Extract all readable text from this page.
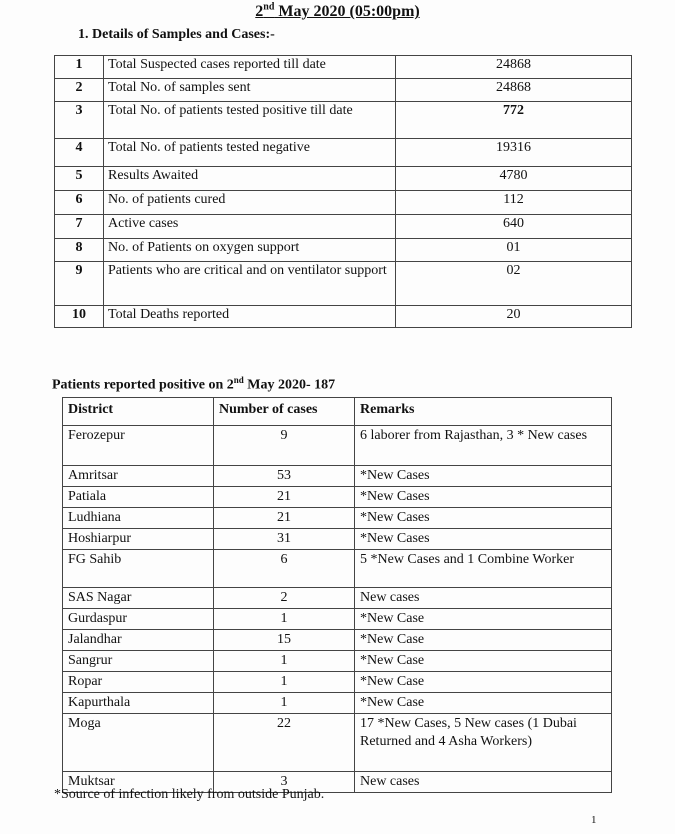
2nd May 2020 (05:00pm)
1. Details of Samples and Cases:-
1	Total Suspected cases reported till date	24868
2	Total No. of samples sent	24868
3	Total No. of patients tested positive till date	772
4	Total No. of patients tested negative	19316
5	Results Awaited	4780
6	No. of patients cured	112
7	Active cases	640
8	No. of Patients on oxygen support	01
9	Patients who are critical and on ventilator support	02
10	Total Deaths reported	20
Patients reported positive on 2nd May 2020- 187
District	Number of cases	Remarks
Ferozepur	9	6 laborer from Rajasthan, 3 * New cases
Amritsar	53	*New Cases
Patiala	21	*New Cases
Ludhiana	21	*New Cases
Hoshiarpur	31	*New Cases
FG Sahib	6	5 *New Cases and 1 Combine Worker
SAS Nagar	2	New cases
Gurdaspur	1	*New Case
Jalandhar	15	*New Case
Sangrur	1	*New Case
Ropar	1	*New Case
Kapurthala	1	*New Case
Moga	22	17 *New Cases, 5 New cases (1 Dubai Returned and 4 Asha Workers)
Muktsar	3	New cases
*Source of infection likely from outside Punjab.
1
